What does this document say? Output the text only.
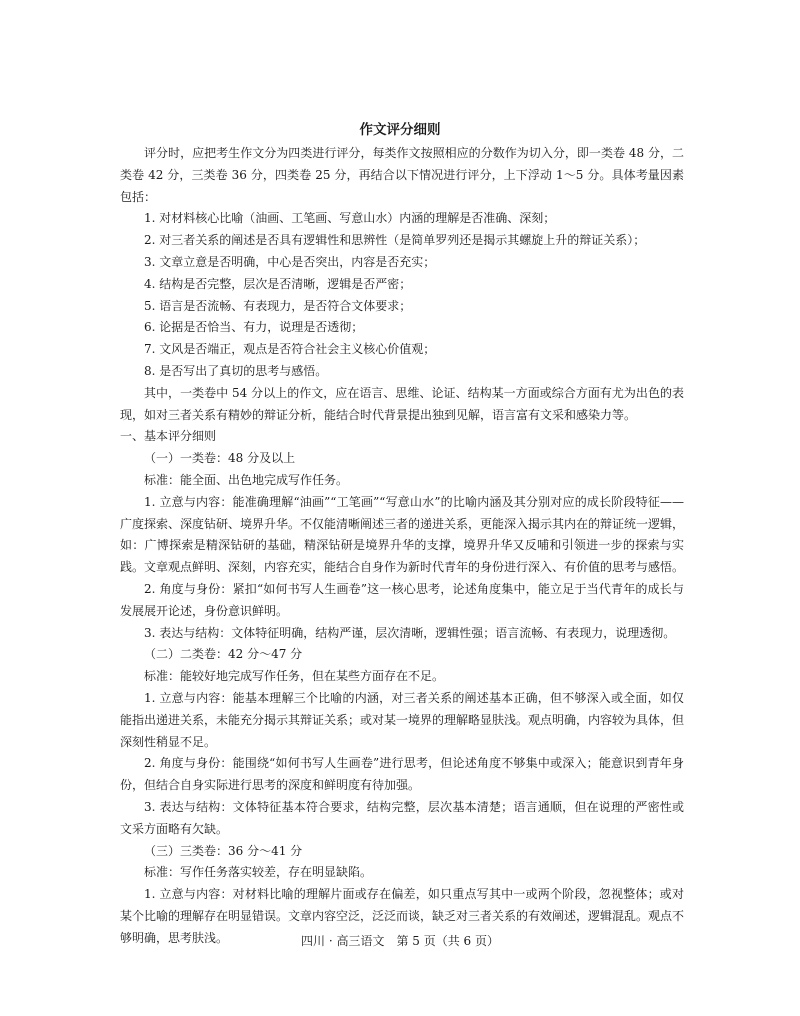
作文评分细则

评分时，应把考生作文分为四类进行评分，每类作文按照相应的分数作为切入分，即一类卷 48 分，二类卷 42 分，三类卷 36 分，四类卷 25 分，再结合以下情况进行评分，上下浮动 1～5 分。具体考量因素包括：

1. 对材料核心比喻（油画、工笔画、写意山水）内涵的理解是否准确、深刻；

2. 对三者关系的阐述是否具有逻辑性和思辨性（是简单罗列还是揭示其螺旋上升的辩证关系）；

3. 文章立意是否明确，中心是否突出，内容是否充实；

4. 结构是否完整，层次是否清晰，逻辑是否严密；

5. 语言是否流畅、有表现力，是否符合文体要求；

6. 论据是否恰当、有力，说理是否透彻；

7. 文风是否端正，观点是否符合社会主义核心价值观；

8. 是否写出了真切的思考与感悟。

其中，一类卷中 54 分以上的作文，应在语言、思维、论证、结构某一方面或综合方面有尤为出色的表现，如对三者关系有精妙的辩证分析，能结合时代背景提出独到见解，语言富有文采和感染力等。

一、基本评分细则

（一）一类卷：48 分及以上

标准：能全面、出色地完成写作任务。

1. 立意与内容：能准确理解“油画”“工笔画”“写意山水”的比喻内涵及其分别对应的成长阶段特征——广度探索、深度钻研、境界升华。不仅能清晰阐述三者的递进关系，更能深入揭示其内在的辩证统一逻辑，如：广博探索是精深钻研的基础，精深钻研是境界升华的支撑，境界升华又反哺和引领进一步的探索与实践。文章观点鲜明、深刻，内容充实，能结合自身作为新时代青年的身份进行深入、有价值的思考与感悟。

2. 角度与身份：紧扣“如何书写人生画卷”这一核心思考，论述角度集中，能立足于当代青年的成长与发展展开论述，身份意识鲜明。

3. 表达与结构：文体特征明确，结构严谨，层次清晰，逻辑性强；语言流畅、有表现力，说理透彻。

（二）二类卷：42 分～47 分

标准：能较好地完成写作任务，但在某些方面存在不足。

1. 立意与内容：能基本理解三个比喻的内涵，对三者关系的阐述基本正确，但不够深入或全面，如仅能指出递进关系，未能充分揭示其辩证关系；或对某一境界的理解略显肤浅。观点明确，内容较为具体，但深刻性稍显不足。

2. 角度与身份：能围绕“如何书写人生画卷”进行思考，但论述角度不够集中或深入；能意识到青年身份，但结合自身实际进行思考的深度和鲜明度有待加强。

3. 表达与结构：文体特征基本符合要求，结构完整，层次基本清楚；语言通顺，但在说理的严密性或文采方面略有欠缺。

（三）三类卷：36 分～41 分

标准：写作任务落实较差，存在明显缺陷。

1. 立意与内容：对材料比喻的理解片面或存在偏差，如只重点写其中一或两个阶段，忽视整体；或对某个比喻的理解存在明显错误。文章内容空泛，泛泛而谈，缺乏对三者关系的有效阐述，逻辑混乱。观点不够明确，思考肤浅。	四川 · 高三语文　第 5 页（共 6 页）
